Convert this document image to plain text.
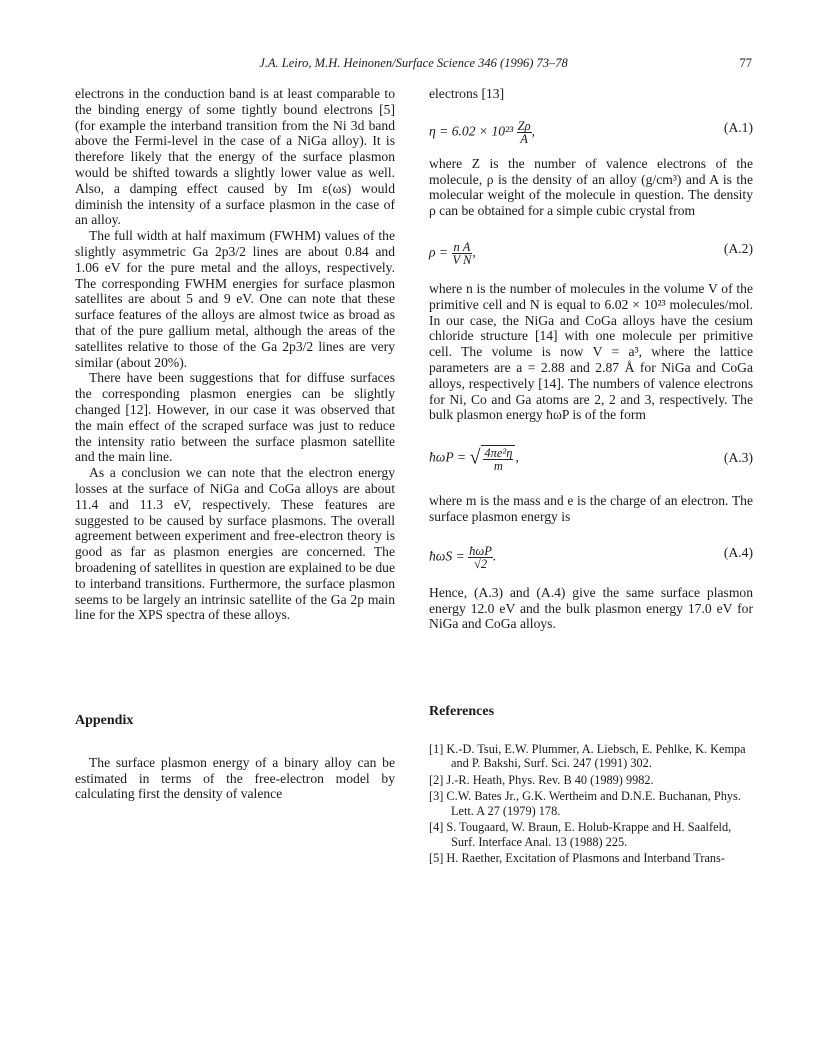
J.A. Leiro, M.H. Heinonen/Surface Science 346 (1996) 73–78	77

electrons in the conduction band is at least comparable to the binding energy of some tightly bound electrons [5] (for example the interband transition from the Ni 3d band above the Fermi-level in the case of a NiGa alloy). It is therefore likely that the energy of the surface plasmon would be shifted towards a slightly lower value as well. Also, a damping effect caused by Im ε(ωs) would diminish the intensity of a surface plasmon in the case of an alloy.

The full width at half maximum (FWHM) values of the slightly asymmetric Ga 2p3/2 lines are about 0.84 and 1.06 eV for the pure metal and the alloys, respectively. The corresponding FWHM energies for surface plasmon satellites are about 5 and 9 eV. One can note that these surface features of the alloys are almost twice as broad as that of the pure gallium metal, although the areas of the satellites relative to those of the Ga 2p3/2 lines are very similar (about 20%).

There have been suggestions that for diffuse surfaces the corresponding plasmon energies can be slightly changed [12]. However, in our case it was observed that the main effect of the scraped surface was just to reduce the intensity ratio between the surface plasmon satellite and the main line.

As a conclusion we can note that the electron energy losses at the surface of NiGa and CoGa alloys are about 11.4 and 11.3 eV, respectively. These features are suggested to be caused by surface plasmons. The overall agreement between experiment and free-electron theory is good as far as plasmon energies are concerned. The broadening of satellites in question are explained to be due to interband transitions. Furthermore, the surface plasmon seems to be largely an intrinsic satellite of the Ga 2p main line for the XPS spectra of these alloys.

Appendix

The surface plasmon energy of a binary alloy can be estimated in terms of the free-electron model by calculating first the density of valence

electrons [13]

$\eta = 6.02 \times 10^{23} \frac{Z\rho}{A}$ ,	(A.1)

where Z is the number of valence electrons of the molecule, ρ is the density of an alloy (g/cm³) and A is the molecular weight of the molecule in question. The density ρ can be obtained for a simple cubic crystal from

$\rho = \frac{\text{n A}}{\text{V N}}$ ,	(A.2)

where n is the number of molecules in the volume V of the primitive cell and N is equal to 6.02 × 10²³ molecules/mol. In our case, the NiGa and CoGa alloys have the cesium chloride structure [14] with one molecule per primitive cell. The volume is now V = a³, where the lattice parameters are a = 2.88 and 2.87 Å for NiGa and CoGa alloys, respectively [14]. The numbers of valence electrons for Ni, Co and Ga atoms are 2, 2 and 3, respectively. The bulk plasmon energy ħωP is of the form

ħωP = √ $\frac{\text{4πe²η}}{m}$ ,	(A.3)

where m is the mass and e is the charge of an electron. The surface plasmon energy is

ħωS = $\frac{\text{ħωP}}{√2}$ .	(A.4)

Hence, (A.3) and (A.4) give the same surface plasmon energy 12.0 eV and the bulk plasmon energy 17.0 eV for NiGa and CoGa alloys.

References

[1] K.-D. Tsui, E.W. Plummer, A. Liebsch, E. Pehlke, K. Kempa and P. Bakshi, Surf. Sci. 247 (1991) 302.

[2] J.-R. Heath, Phys. Rev. B 40 (1989) 9982.

[3] C.W. Bates Jr., G.K. Wertheim and D.N.E. Buchanan, Phys. Lett. A 27 (1979) 178.

[4] S. Tougaard, W. Braun, E. Holub-Krappe and H. Saalfeld, Surf. Interface Anal. 13 (1988) 225.

[5] H. Raether, Excitation of Plasmons and Interband Trans-
